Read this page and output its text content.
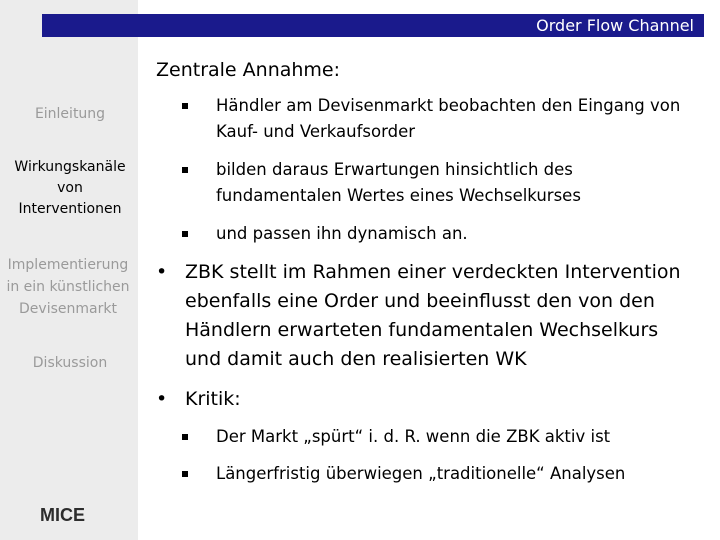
Order Flow Channel
Einleitung
Wirkungskanäle
von
Interventionen
Implementierung
in ein künstlichen
Devisenmarkt
Diskussion
MICE
Zentrale Annahme:
Händler am Devisenmarkt beobachten den Eingang von Kauf- und Verkaufsorder
bilden daraus Erwartungen hinsichtlich des fundamentalen Wertes eines Wechselkurses
und passen ihn dynamisch an.
• ZBK stellt im Rahmen einer verdeckten Intervention ebenfalls eine Order und beeinflusst den von den Händlern erwarteten fundamentalen Wechselkurs und damit auch den realisierten WK
• Kritik:
Der Markt „spürt“ i. d. R. wenn die ZBK aktiv ist
Längerfristig überwiegen „traditionelle“ Analysen
